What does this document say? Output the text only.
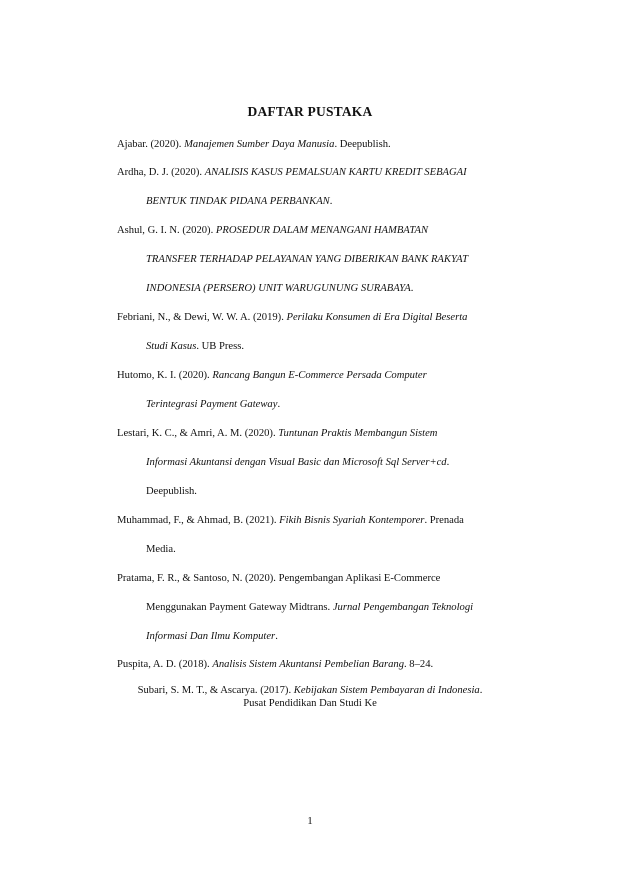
DAFTAR PUSTAKA
Ajabar. (2020). Manajemen Sumber Daya Manusia. Deepublish.
Ardha, D. J. (2020). ANALISIS KASUS PEMALSUAN KARTU KREDIT SEBAGAI
BENTUK TINDAK PIDANA PERBANKAN.
Ashul, G. I. N. (2020). PROSEDUR DALAM MENANGANI HAMBATAN
TRANSFER TERHADAP PELAYANAN YANG DIBERIKAN BANK RAKYAT
INDONESIA (PERSERO) UNIT WARUGUNUNG SURABAYA.
Febriani, N., & Dewi, W. W. A. (2019). Perilaku Konsumen di Era Digital Beserta
Studi Kasus. UB Press.
Hutomo, K. I. (2020). Rancang Bangun E-Commerce Persada Computer
Terintegrasi Payment Gateway.
Lestari, K. C., & Amri, A. M. (2020). Tuntunan Praktis Membangun Sistem
Informasi Akuntansi dengan Visual Basic dan Microsoft Sql Server+cd.
Deepublish.
Muhammad, F., & Ahmad, B. (2021). Fikih Bisnis Syariah Kontemporer. Prenada
Media.
Pratama, F. R., & Santoso, N. (2020). Pengembangan Aplikasi E-Commerce
Menggunakan Payment Gateway Midtrans. Jurnal Pengembangan Teknologi
Informasi Dan Ilmu Komputer.
Puspita, A. D. (2018). Analisis Sistem Akuntansi Pembelian Barang. 8–24.
Subari, S. M. T., & Ascarya. (2017). Kebijakan Sistem Pembayaran di Indonesia.
Pusat Pendidikan Dan Studi Ke
1
